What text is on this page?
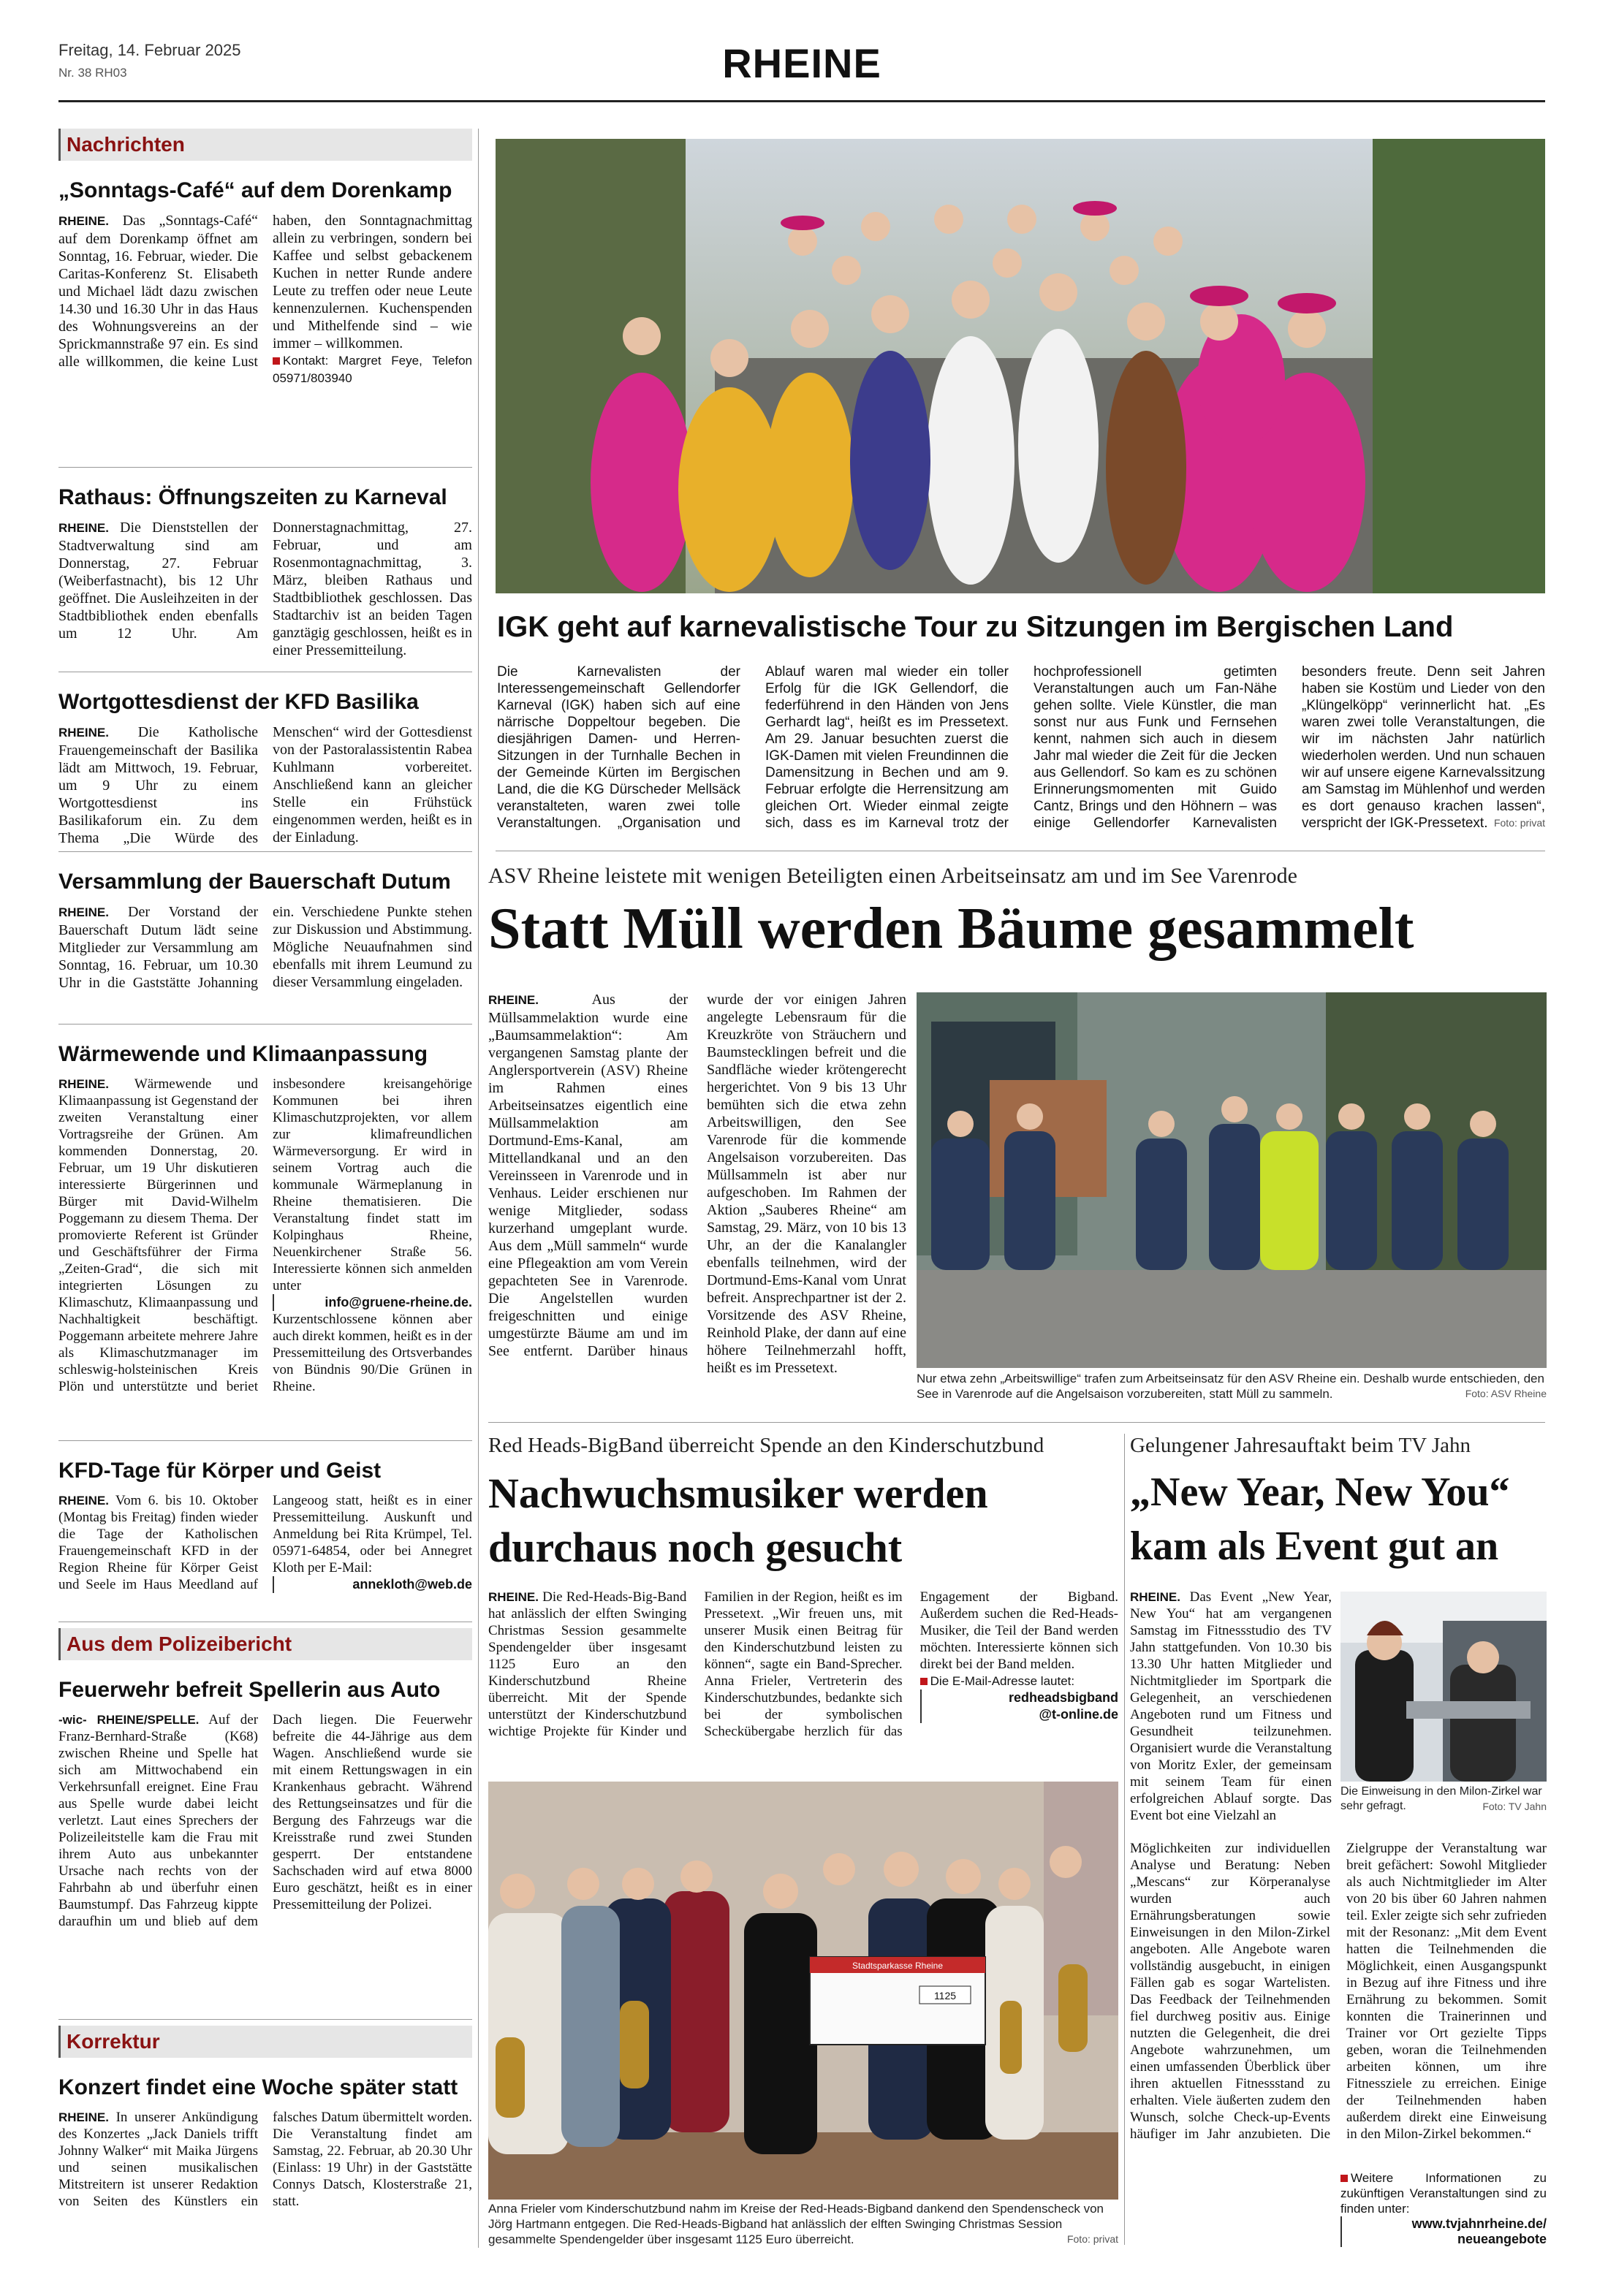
Freitag, 14. Februar 2025
Nr. 38 RH03	RHEINE
Nachrichten
„Sonntags-Café“ auf dem Dorenkamp
RHEINE. Das „Sonntags-Café“ auf dem Dorenkamp öffnet am Sonntag, 16. Februar, wieder. Die Caritas-Konferenz St. Elisabeth und Michael lädt dazu zwischen 14.30 und 16.30 Uhr in das Haus des Wohnungsvereins an der Sprickmannstraße 97 ein. Es sind alle willkommen, die keine Lust haben, den Sonntagnachmittag allein zu verbringen, sondern bei Kaffee und selbst gebackenem Kuchen in netter Runde andere Leute zu treffen oder neue Leute kennenzulernen. Kuchenspenden und Mithelfende sind – wie immer – willkommen.
Kontakt: Margret Feye, Telefon 05971/803940
Rathaus: Öffnungszeiten zu Karneval
RHEINE. Die Dienststellen der Stadtverwaltung sind am Donnerstag, 27. Februar (Weiberfastnacht), bis 12 Uhr geöffnet. Die Ausleihzeiten in der Stadtbibliothek enden ebenfalls um 12 Uhr. Am Donnerstagnachmittag, 27. Februar, und am Rosenmontagnachmittag, 3. März, bleiben Rathaus und Stadtbibliothek geschlossen. Das Stadtarchiv ist an beiden Tagen ganztägig geschlossen, heißt es in einer Pressemitteilung.
Wortgottesdienst der KFD Basilika
RHEINE. Die Katholische Frauengemeinschaft der Basilika lädt am Mittwoch, 19. Februar, um 9 Uhr zu einem Wortgottesdienst ins Basilikaforum ein. Zu dem Thema „Die Würde des Menschen“ wird der Gottesdienst von der Pastoralassistentin Rabea Kuhlmann vorbereitet. Anschließend kann an gleicher Stelle ein Frühstück eingenommen werden, heißt es in der Einladung.
Versammlung der Bauerschaft Dutum
RHEINE. Der Vorstand der Bauerschaft Dutum lädt seine Mitglieder zur Versammlung am Sonntag, 16. Februar, um 10.30 Uhr in die Gaststätte Johanning ein. Verschiedene Punkte stehen zur Diskussion und Abstimmung. Mögliche Neuaufnahmen sind ebenfalls mit ihrem Leumund zu dieser Versammlung eingeladen.
Wärmewende und Klimaanpassung
RHEINE. Wärmewende und Klimaanpassung ist Gegenstand der zweiten Veranstaltung einer Vortragsreihe der Grünen. Am kommenden Donnerstag, 20. Februar, um 19 Uhr diskutieren interessierte Bürgerinnen und Bürger mit David-Wilhelm Poggemann zu diesem Thema. Der promovierte Referent ist Gründer und Geschäftsführer der Firma „Zeiten-Grad“, die sich mit integrierten Lösungen zu Klimaschutz, Klimaanpassung und Nachhaltigkeit beschäftigt. Poggemann arbeitete mehrere Jahre als Klimaschutzmanager im schleswig-holsteinischen Kreis Plön und unterstützte und beriet insbesondere kreisangehörige Kommunen bei ihren Klimaschutzprojekten, vor allem zur klimafreundlichen Wärmeversorgung. Er wird in seinem Vortrag auch die kommunale Wärmeplanung in Rheine thematisieren. Die Veranstaltung findet statt im Kolpinghaus Rheine, Neuenkirchener Straße 56. Interessierte können sich anmelden unter
info@gruene-rheine.de.
Kurzentschlossene können aber auch direkt kommen, heißt es in der Pressemitteilung des Ortsverbandes von Bündnis 90/Die Grünen in Rheine.
KFD-Tage für Körper und Geist
RHEINE. Vom 6. bis 10. Oktober (Montag bis Freitag) finden wieder die Tage der Katholischen Frauengemeinschaft KFD in der Region Rheine für Körper Geist und Seele im Haus Meedland auf Langeoog statt, heißt es in einer Pressemitteilung. Auskunft und Anmeldung bei Rita Krümpel, Tel. 05971-64854, oder bei Annegret Kloth per E-Mail:
annekloth@web.de
Aus dem Polizeibericht
Feuerwehr befreit Spellerin aus Auto
-wic- RHEINE/SPELLE. Auf der Franz-Bernhard-Straße (K68) zwischen Rheine und Spelle hat sich am Mittwochabend ein Verkehrsunfall ereignet. Eine Frau aus Spelle wurde dabei leicht verletzt. Laut eines Sprechers der Polizeileitstelle kam die Frau mit ihrem Auto aus unbekannter Ursache nach rechts von der Fahrbahn ab und überfuhr einen Baumstumpf. Das Fahrzeug kippte daraufhin um und blieb auf dem Dach liegen. Die Feuerwehr befreite die 44-Jährige aus dem Wagen. Anschließend wurde sie mit einem Rettungswagen in ein Krankenhaus gebracht. Während des Rettungseinsatzes und für die Bergung des Fahrzeugs war die Kreisstraße rund zwei Stunden gesperrt. Der entstandene Sachschaden wird auf etwa 8000 Euro geschätzt, heißt es in einer Pressemitteilung der Polizei.
Korrektur
Konzert findet eine Woche später statt
RHEINE. In unserer Ankündigung des Konzertes „Jack Daniels trifft Johnny Walker“ mit Maika Jürgens und seinen musikalischen Mitstreitern ist unserer Redaktion von Seiten des Künstlers ein falsches Datum übermittelt worden. Die Veranstaltung findet am Samstag, 22. Februar, ab 20.30 Uhr (Einlass: 19 Uhr) in der Gaststätte Connys Datsch, Klosterstraße 21, statt.
IGK geht auf karnevalistische Tour zu Sitzungen im Bergischen Land
Die Karnevalisten der Interessengemeinschaft Gellendorfer Karneval (IGK) haben sich auf eine närrische Doppeltour begeben. Die diesjährigen Damen- und Herren-Sitzungen in der Turnhalle Bechen in der Gemeinde Kürten im Bergischen Land, die die KG Dürscheder Mellsäck veranstalteten, waren zwei tolle Veranstaltungen. „Organisation und Ablauf waren mal wieder ein toller Erfolg für die IGK Gellendorf, die federführend in den Händen von Jens Gerhardt lag“, heißt es im Pressetext. Am 29. Januar besuchten zuerst die IGK-Damen mit vielen Freundinnen die Damensitzung in Bechen und am 9. Februar erfolgte die Herrensitzung am gleichen Ort. Wieder einmal zeigte sich, dass es im Karneval trotz der hochprofessionell getimten Veranstaltungen auch um Fan-Nähe gehen sollte. Viele Künstler, die man sonst nur aus Funk und Fernsehen kennt, nahmen sich auch in diesem Jahr mal wieder die Zeit für die Jecken aus Gellendorf. So kam es zu schönen Erinnerungsmomenten mit Guido Cantz, Brings und den Höhnern – was einige Gellendorfer Karnevalisten besonders freute. Denn seit Jahren haben sie Kostüm und Lieder von den „Klüngelköpp“ verinnerlicht hat. „Es waren zwei tolle Veranstaltungen, die wir im nächsten Jahr natürlich wiederholen werden. Und nun schauen wir auf unsere eigene Karnevalssitzung am Samstag im Mühlenhof und werden es dort genauso krachen lassen“, verspricht der IGK-Pressetext. Foto: privat
ASV Rheine leistete mit wenigen Beteiligten einen Arbeitseinsatz am und im See Varenrode
Statt Müll werden Bäume gesammelt
RHEINE.	Aus der Müllsammelaktion wurde eine „Baumsammelaktion“: Am vergangenen Samstag plante der Anglersportverein (ASV) Rheine im Rahmen eines Arbeitseinsatzes eigentlich eine Müllsammelaktion am Dortmund-Ems-Kanal, am Mittellandkanal und an den Vereinsseen in Varenrode und in Venhaus. Leider erschienen nur wenige Mitglieder, sodass kurzerhand umgeplant wurde. Aus dem „Müll sammeln“ wurde eine Pflegeaktion am vom Verein gepachteten See in Varenrode. Die Angelstellen wurden freigeschnitten und einige umgestürzte Bäume am und im See entfernt. Darüber hinaus wurde der vor einigen Jahren angelegte Lebensraum für die Kreuzkröte von Sträuchern und Baumstecklingen befreit und die Sandfläche wieder krötengerecht hergerichtet. Von 9 bis 13 Uhr bemühten sich die etwa zehn Arbeitswilligen, den See Varenrode für die kommende Angelsaison vorzubereiten. Das Müllsammeln ist aber nur aufgeschoben. Im Rahmen der Aktion „Sauberes Rheine“ am Samstag, 29. März, von 10 bis 13 Uhr, an der die Kanalangler ebenfalls teilnehmen, wird der Dortmund-Ems-Kanal vom Unrat befreit. Ansprechpartner ist der 2. Vorsitzende des ASV Rheine, Reinhold Plake, der dann auf eine höhere Teilnehmerzahl hofft, heißt es im Pressetext.
Nur etwa zehn „Arbeitswillige“ trafen zum Arbeitseinsatz für den ASV Rheine ein. Deshalb wurde entschieden, den See in Varenrode auf die Angelsaison vorzubereiten, statt Müll zu sammeln.	Foto: ASV Rheine
Red Heads-BigBand überreicht Spende an den Kinderschutzbund
Nachwuchsmusiker werden
durchaus noch gesucht
RHEINE. Die Red-Heads-Big-Band hat anlässlich der elften Swinging Christmas Session gesammelte Spendengelder über insgesamt 1125 Euro an den Kinderschutzbund Rheine überreicht. Mit der Spende unterstützt der Kinderschutzbund wichtige Projekte für Kinder und Familien in der Region, heißt es im Pressetext. „Wir freuen uns, mit unserer Musik einen Beitrag für den Kinderschutzbund leisten zu können“, sagte ein Band-Sprecher. Anna Frieler, Vertreterin des Kinderschutzbundes, bedankte sich bei der symbolischen Scheckübergabe herzlich für das Engagement der Bigband. Außerdem suchen die Red-Heads-Musiker, die Teil der Band werden möchten. Interessierte können sich direkt bei der Band melden.
Die E-Mail-Adresse lautet:
redheadsbigband
@t-online.de
Stadtsparkasse Rheine
1125
Anna Frieler vom Kinderschutzbund nahm im Kreise der Red-Heads-Bigband dankend den Spendenscheck von Jörg Hartmann entgegen. Die Red-Heads-Bigband hat anlässlich der elften Swinging Christmas Session gesammelte Spendengelder über insgesamt 1125 Euro überreicht.	Foto: privat
Gelungener Jahresauftakt beim TV Jahn
„New Year, New You“
kam als Event gut an
Die Einweisung in den Milon-Zirkel war sehr gefragt.	Foto: TV Jahn
RHEINE. Das Event „New Year, New You“ hat am vergangenen Samstag im Fitnessstudio des TV Jahn stattgefunden. Von 10.30 bis 13.30 Uhr hatten Mitglieder und Nichtmitglieder im Sportpark die Gelegenheit, an verschiedenen Angeboten rund um Fitness und Gesundheit teilzunehmen. Organisiert wurde die Veranstaltung von Moritz Exler, der gemeinsam mit seinem Team für einen erfolgreichen Ablauf sorgte. Das Event bot eine Vielzahl an
Möglichkeiten zur individuellen Analyse und Beratung: Neben „Mescans“ zur Körperanalyse wurden auch Ernährungsberatungen sowie Einweisungen in den Milon-Zirkel angeboten. Alle Angebote waren vollständig ausgebucht, in einigen Fällen gab es sogar Wartelisten. Das Feedback der Teilnehmenden fiel durchweg positiv aus. Einige nutzten die Gelegenheit, die drei Angebote wahrzunehmen, um einen umfassenden Überblick über ihren aktuellen Fitnessstand zu erhalten. Viele äußerten zudem den Wunsch, solche Check-up-Events häufiger im Jahr anzubieten. Die Zielgruppe der Veranstaltung war breit gefächert: Sowohl Mitglieder als auch Nichtmitglieder im Alter von 20 bis über 60 Jahren nahmen teil. Exler zeigte sich sehr zufrieden mit der Resonanz: „Mit dem Event hatten die Teilnehmenden die Möglichkeit, einen Ausgangspunkt in Bezug auf ihre Fitness und ihre Ernährung zu bekommen. Somit konnten die Trainerinnen und Trainer vor Ort gezielte Tipps geben, woran die Teilnehmenden arbeiten können, um ihre Fitnessziele zu erreichen. Einige der Teilnehmenden haben außerdem direkt eine Einweisung in den Milon-Zirkel bekommen.“
Weitere Informationen zu zukünftigen Veranstaltungen sind zu finden unter:
www.tvjahnrheine.de/
neueangebote
